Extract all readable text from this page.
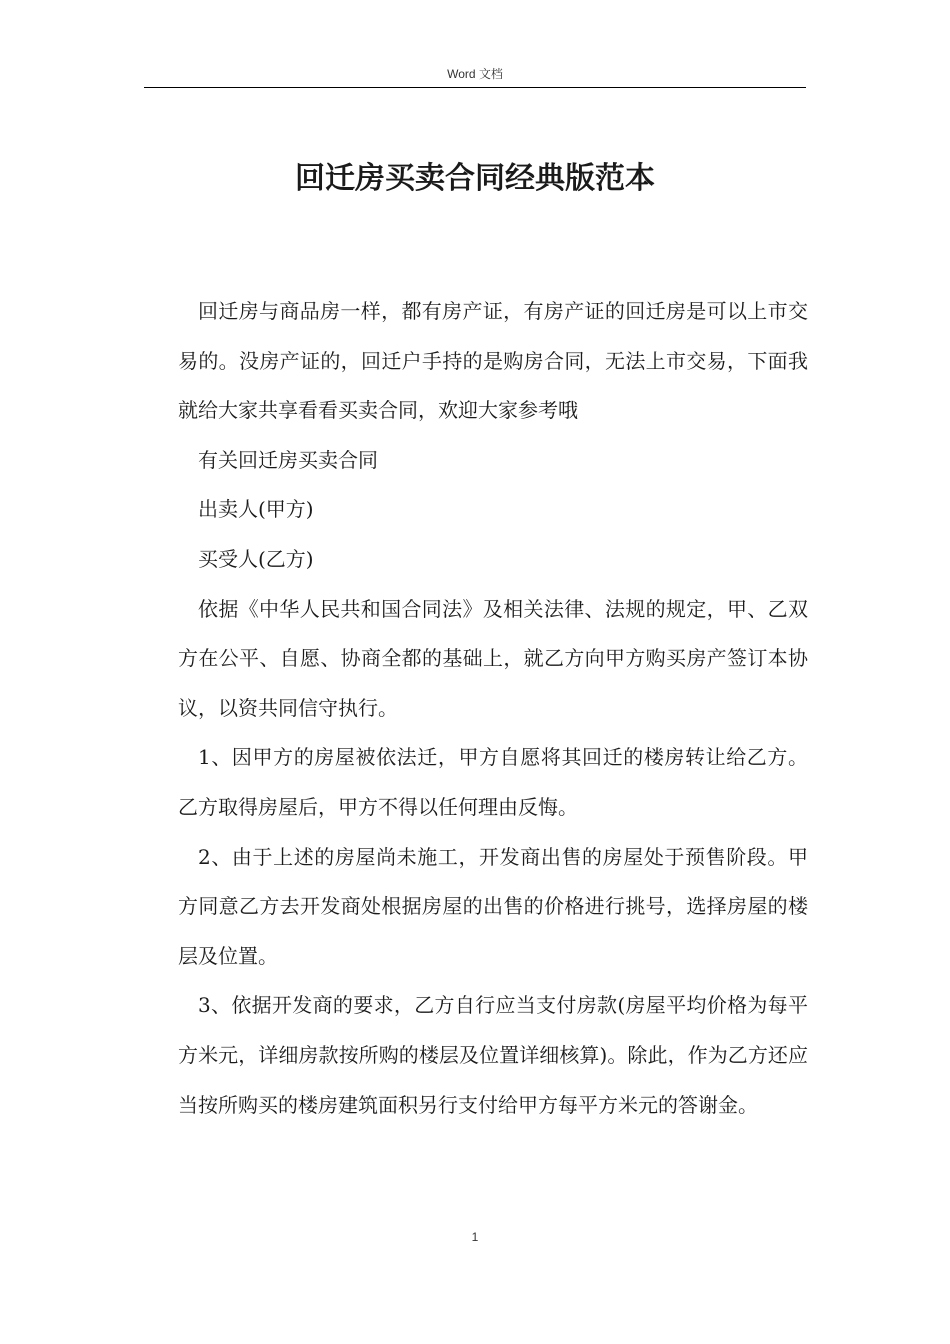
Word 文档
回迁房买卖合同经典版范本

回迁房与商品房一样，都有房产证，有房产证的回迁房是可以上市交易的。没房产证的，回迁户手持的是购房合同，无法上市交易，下面我就给大家共享看看买卖合同，欢迎大家参考哦

有关回迁房买卖合同

出卖人(甲方)

买受人(乙方)

依据《中华人民共和国合同法》及相关法律、法规的规定，甲、乙双方在公平、自愿、协商全都的基础上，就乙方向甲方购买房产签订本协议，以资共同信守执行。

1、因甲方的房屋被依法迁，甲方自愿将其回迁的楼房转让给乙方。乙方取得房屋后，甲方不得以任何理由反悔。

2、由于上述的房屋尚未施工，开发商出售的房屋处于预售阶段。甲方同意乙方去开发商处根据房屋的出售的价格进行挑号，选择房屋的楼层及位置。

3、依据开发商的要求，乙方自行应当支付房款(房屋平均价格为每平方米元，详细房款按所购的楼层及位置详细核算)。除此，作为乙方还应当按所购买的楼房建筑面积另行支付给甲方每平方米元的答谢金。

1
